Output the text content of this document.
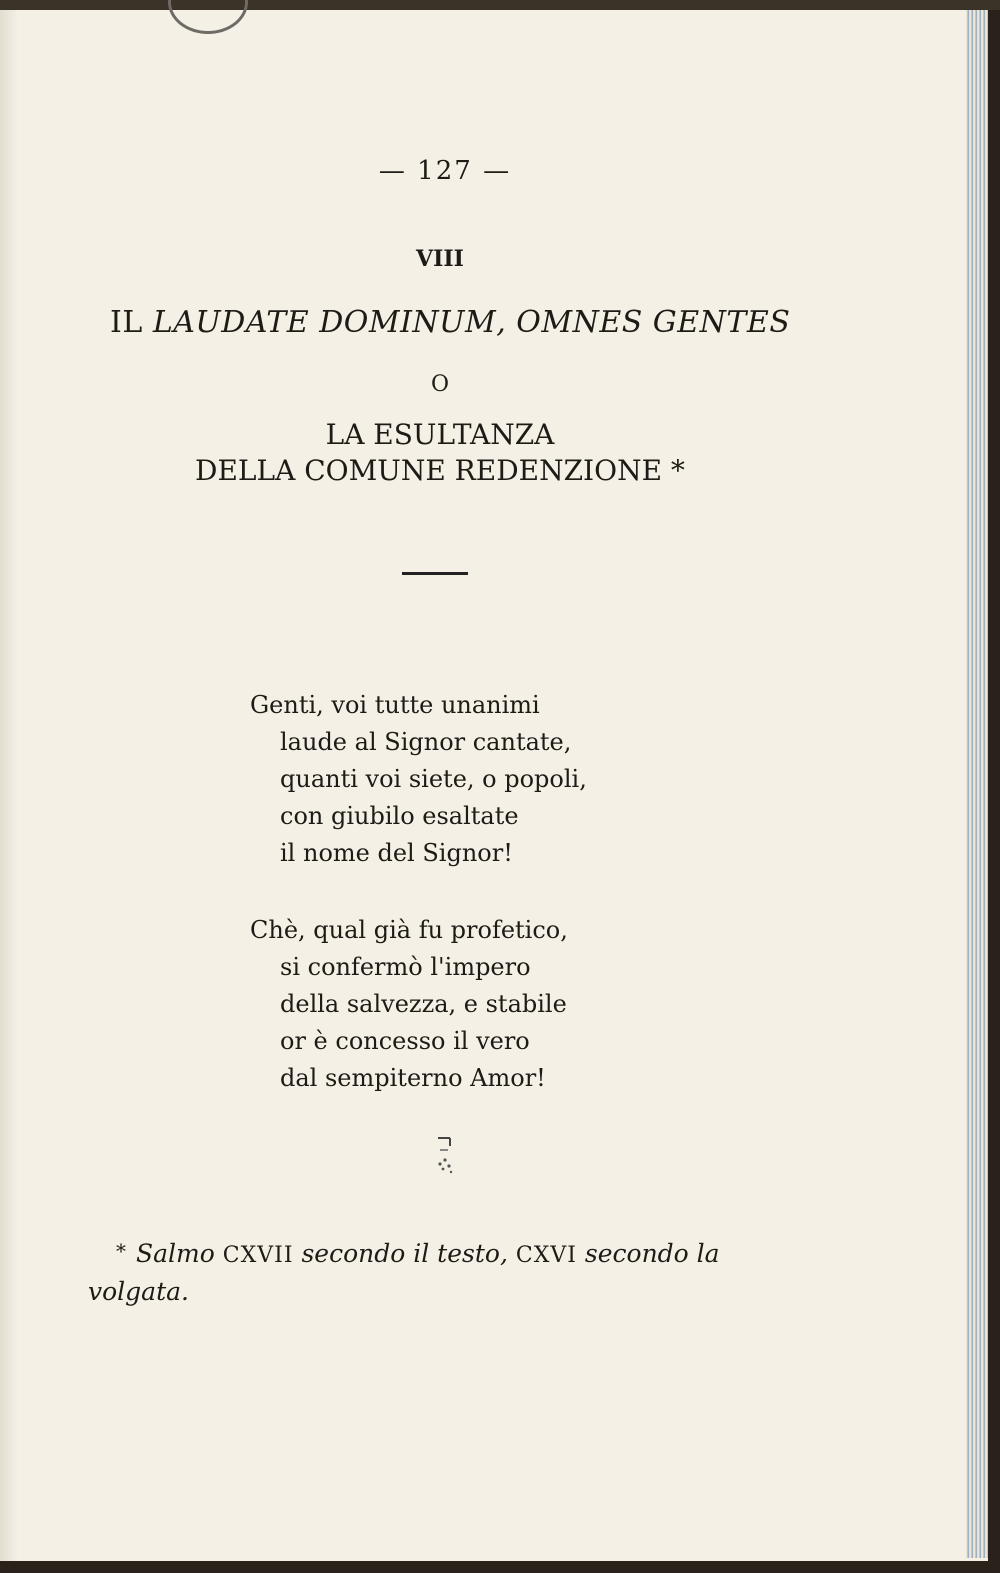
— 127 —
VIII
IL LAUDATE DOMINUM, OMNES GENTES
O
LA ESULTANZA
DELLA COMUNE REDENZIONE *
Genti, voi tutte unanimi
laude al Signor cantate,
quanti voi siete, o popoli,
con giubilo esaltate
il nome del Signor!
Chè, qual già fu profetico,
si confermò l'impero
della salvezza, e stabile
or è concesso il vero
dal sempiterno Amor!
* Salmo CXVII secondo il testo, CXVI secondo la volgata.
